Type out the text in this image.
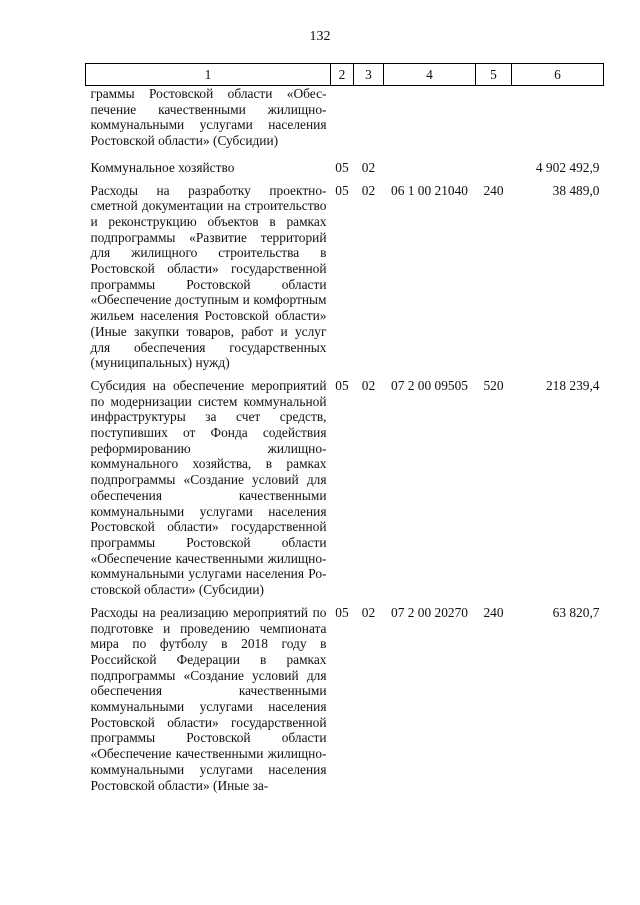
132
1	2	3	4	5	6
граммы Ростовской области «Обеспечение качественными жилищно-коммунальными услугами населения Ростовской области» (Субсидии)					
Коммунальное хозяйство	05	02			4 902 492,9
Расходы на разработку проектно-сметной документации на строительство и реконструкцию объектов в рамках подпрограммы «Развитие территорий для жилищного строительства в Ростовской области» государственной программы Ростовской области «Обеспечение доступным и комфортным жильем населения Ростовской области» (Иные закупки товаров, работ и услуг для обеспечения государственных (муниципальных) нужд)	05	02	06 1 00 21040	240	38 489,0
Субсидия на обеспечение мероприятий по модернизации систем коммунальной инфраструктуры за счет средств, поступивших от Фонда содействия реформированию жилищно-коммунального хозяйства, в рамках подпрограммы «Создание условий для обеспечения качественными коммунальными услугами населения Ростовской области» государственной программы Ростовской области «Обеспечение качественными жилищно-коммунальными услугами населения Ростовской области» (Субсидии)	05	02	07 2 00 09505	520	218 239,4
Расходы на реализацию мероприятий по подготовке и проведению чемпионата мира по футболу в 2018 году в Российской Федерации в рамках подпрограммы «Создание условий для обеспечения качественными коммунальными услугами населения Ростовской области» государственной программы Ростовской области «Обеспечение качественными жилищно-коммунальными услугами населения Ростовской области» (Иные за-	05	02	07 2 00 20270	240	63 820,7
